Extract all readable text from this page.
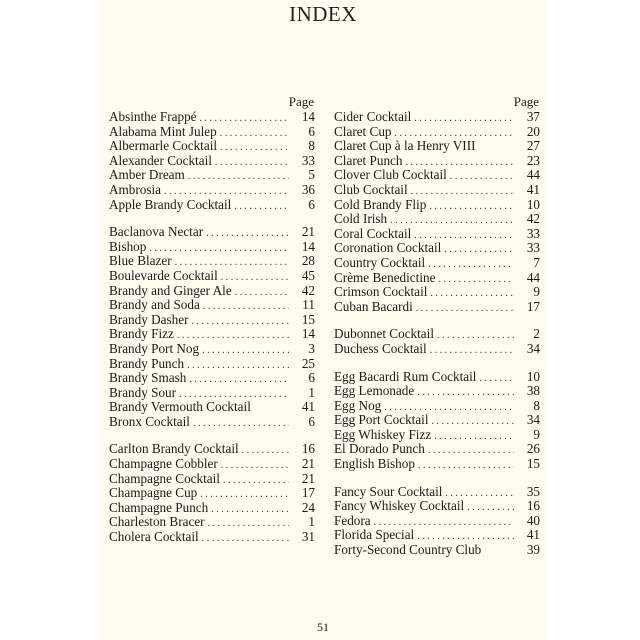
INDEX
Page
Absinthe Frappé . . .	14
Alabama Mint Julep . . .	6
Albermarle Cocktail . . .	8
Alexander Cocktail . . .	33
Amber Dream . . .	5
Ambrosia . . .	36
Apple Brandy Cocktail . . .	6
Baclanova Nectar . . .	21
Bishop . . .	14
Blue Blazer . . .	28
Boulevarde Cocktail . . .	45
Brandy and Ginger Ale . . .	42
Brandy and Soda . . .	11
Brandy Dasher . . .	15
Brandy Fizz . . .	14
Brandy Port Nog . . .	3
Brandy Punch . . .	25
Brandy Smash . . .	6
Brandy Sour . . .	1
Brandy Vermouth Cocktail	41
Bronx Cocktail . . .	6
Carlton Brandy Cocktail . . .	16
Champagne Cobbler . . .	21
Champagne Cocktail . . .	21
Champagne Cup . . .	17
Champagne Punch . . .	24
Charleston Bracer . . .	1
Cholera Cocktail . . .	31
Page
Cider Cocktail . . .	37
Claret Cup . . .	20
Claret Cup à la Henry VIII	27
Claret Punch . . .	23
Clover Club Cocktail . . .	44
Club Cocktail . . .	41
Cold Brandy Flip . . .	10
Cold Irish . . .	42
Coral Cocktail . . .	33
Coronation Cocktail . . .	33
Country Cocktail . . .	7
Crème Benedictine . . .	44
Crimson Cocktail . . .	9
Cuban Bacardi . . .	17
Dubonnet Cocktail . . .	2
Duchess Cocktail . . .	34
Egg Bacardi Rum Cocktail . . .	10
Egg Lemonade . . .	38
Egg Nog . . .	8
Egg Port Cocktail . . .	34
Egg Whiskey Fizz . . .	9
El Dorado Punch . . .	26
English Bishop . . .	15
Fancy Sour Cocktail . . .	35
Fancy Whiskey Cocktail . . .	16
Fedora . . .	40
Florida Special . . .	41
Forty-Second Country Club	39
51
